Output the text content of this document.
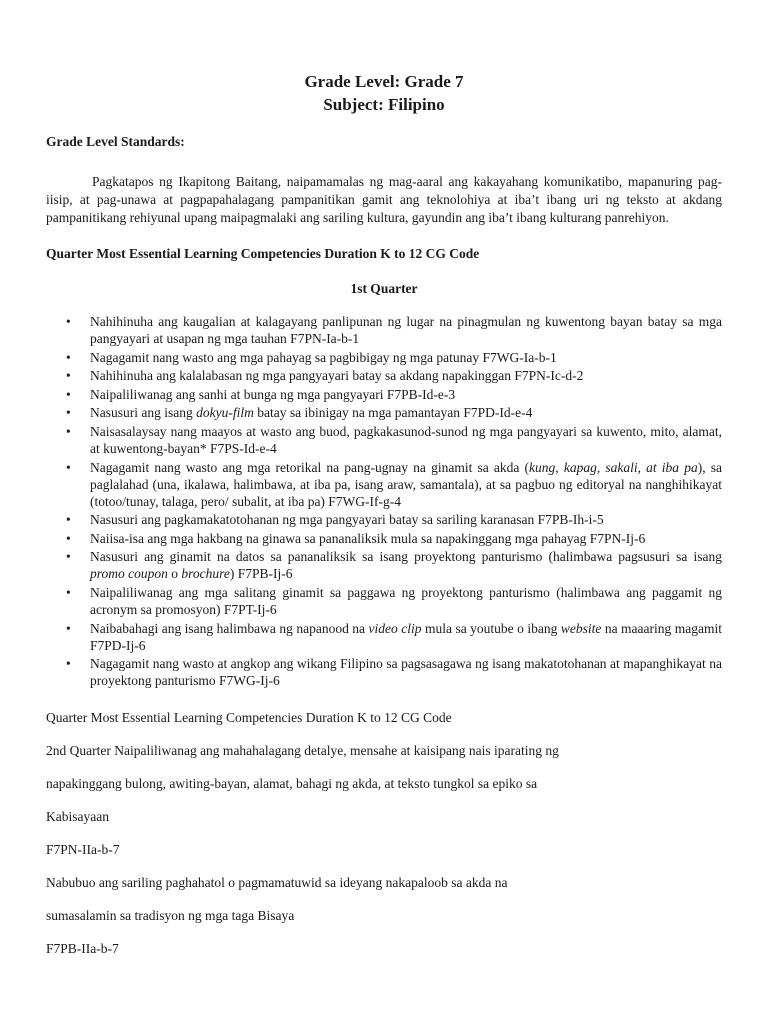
Grade Level: Grade 7
Subject: Filipino

Grade Level Standards:

Pagkatapos ng Ikapitong Baitang, naipamamalas ng mag-aaral ang kakayahang komunikatibo, mapanuring pag-iisip, at pag-unawa at pagpapahalagang pampanitikan gamit ang teknolohiya at iba’t ibang uri ng teksto at akdang pampanitikang rehiyunal upang maipagmalaki ang sariling kultura, gayundin ang iba’t ibang kulturang panrehiyon.

Quarter Most Essential Learning Competencies Duration K to 12 CG Code

1st Quarter

• Nahihinuha ang kaugalian at kalagayang panlipunan ng lugar na pinagmulan ng kuwentong bayan batay sa mga pangyayari at usapan ng mga tauhan F7PN-Ia-b-1
• Nagagamit nang wasto ang mga pahayag sa pagbibigay ng mga patunay F7WG-Ia-b-1
• Nahihinuha ang kalalabasan ng mga pangyayari batay sa akdang napakinggan F7PN-Ic-d-2
• Naipaliliwanag ang sanhi at bunga ng mga pangyayari F7PB-Id-e-3
• Nasusuri ang isang dokyu-film batay sa ibinigay na mga pamantayan F7PD-Id-e-4
• Naisasalaysay nang maayos at wasto ang buod, pagkakasunod-sunod ng mga pangyayari sa kuwento, mito, alamat, at kuwentong-bayan* F7PS-Id-e-4
• Nagagamit nang wasto ang mga retorikal na pang-ugnay na ginamit sa akda (kung, kapag, sakali, at iba pa), sa paglalahad (una, ikalawa, halimbawa, at iba pa, isang araw, samantala), at sa pagbuo ng editoryal na nanghihikayat (totoo/tunay, talaga, pero/ subalit, at iba pa) F7WG-If-g-4
• Nasusuri ang pagkamakatotohanan ng mga pangyayari batay sa sariling karanasan F7PB-Ih-i-5
• Naiisa-isa ang mga hakbang na ginawa sa pananaliksik mula sa napakinggang mga pahayag F7PN-Ij-6
• Nasusuri ang ginamit na datos sa pananaliksik sa isang proyektong panturismo (halimbawa pagsusuri sa isang promo coupon o brochure) F7PB-Ij-6
• Naipaliliwanag ang mga salitang ginamit sa paggawa ng proyektong panturismo (halimbawa ang paggamit ng acronym sa promosyon) F7PT-Ij-6
• Naibabahagi ang isang halimbawa ng napanood na video clip mula sa youtube o ibang website na maaaring magamit F7PD-Ij-6
• Nagagamit nang wasto at angkop ang wikang Filipino sa pagsasagawa ng isang makatotohanan at mapanghikayat na proyektong panturismo F7WG-Ij-6

Quarter Most Essential Learning Competencies Duration K to 12 CG Code

2nd Quarter Naipaliliwanag ang mahahalagang detalye, mensahe at kaisipang nais iparating ng

napakinggang bulong, awiting-bayan, alamat, bahagi ng akda, at teksto tungkol sa epiko sa

Kabisayaan

F7PN-IIa-b-7

Nabubuo ang sariling paghahatol o pagmamatuwid sa ideyang nakapaloob sa akda na

sumasalamin sa tradisyon ng mga taga Bisaya

F7PB-IIa-b-7
